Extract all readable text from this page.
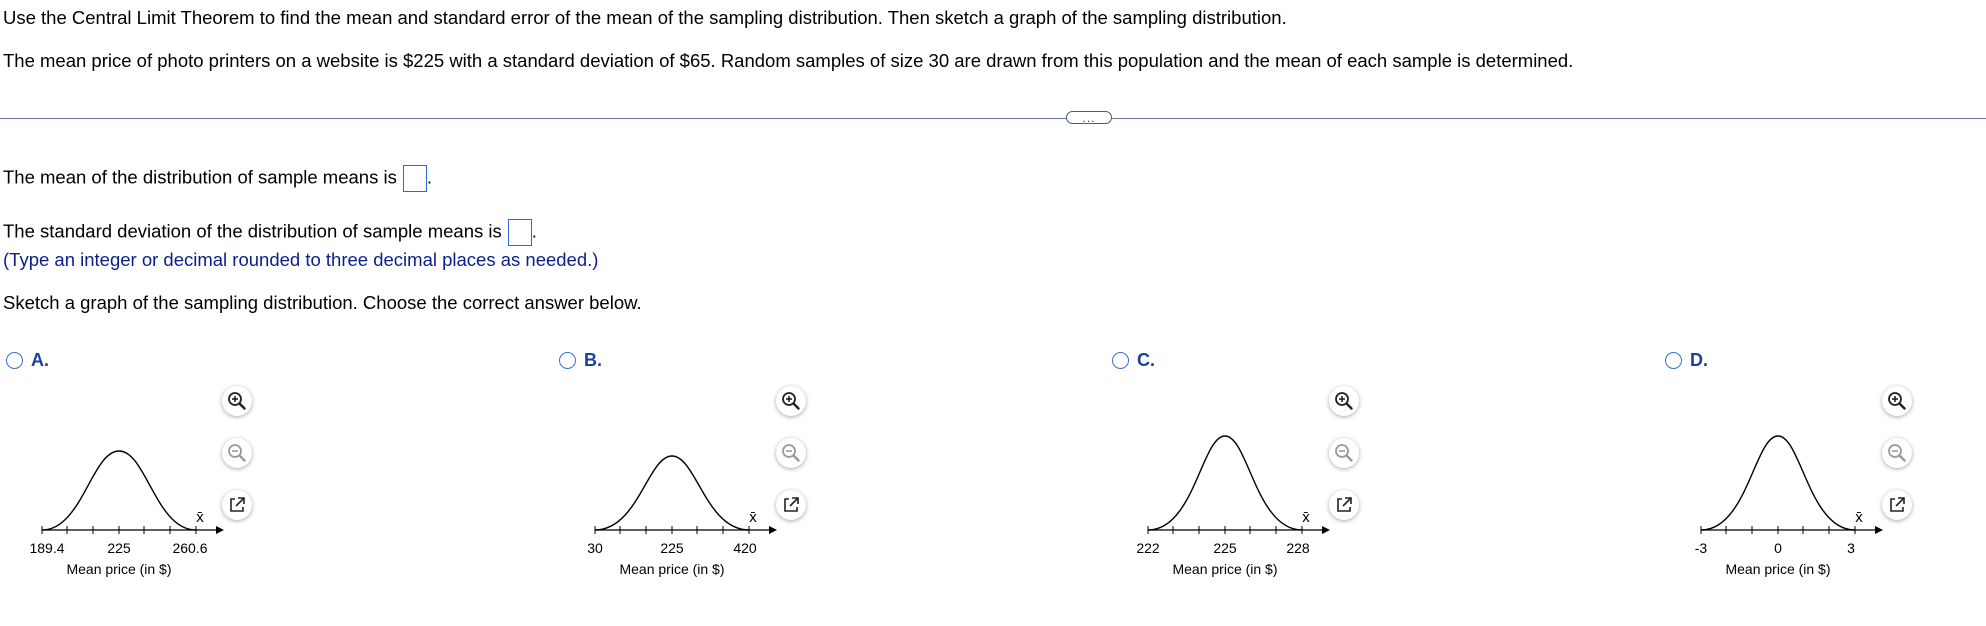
Use the Central Limit Theorem to find the mean and standard error of the mean of the sampling distribution. Then sketch a graph of the sampling distribution.
The mean price of photo printers on a website is $225 with a standard deviation of $65. Random samples of size 30 are drawn from this population and the mean of each sample is determined.
...
The mean of the distribution of sample means is .
The standard deviation of the distribution of sample means is .
(Type an integer or decimal rounded to three decimal places as needed.)
Sketch a graph of the sampling distribution. Choose the correct answer below.
A.
189.4	225	260.6
Mean price (in $)
x̄
B.
30	225	420
Mean price (in $)
x̄
C.
222	225	228
Mean price (in $)
x̄
D.
-3	0	3
Mean price (in $)
x̄
